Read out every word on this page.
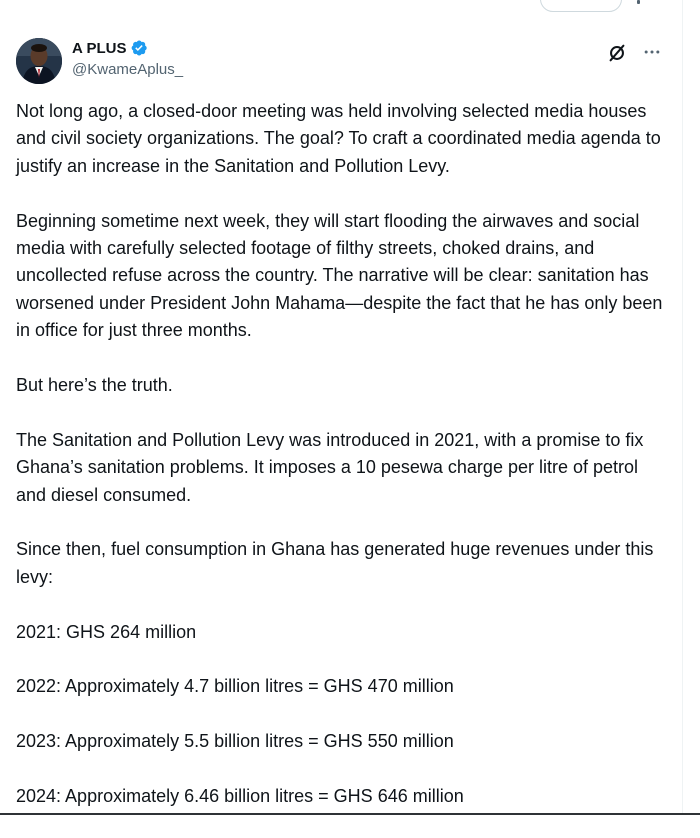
A PLUS
@KwameAplus_

Not long ago, a closed-door meeting was held involving selected media houses and civil society organizations. The goal? To craft a coordinated media agenda to justify an increase in the Sanitation and Pollution Levy.

Beginning sometime next week, they will start flooding the airwaves and social media with carefully selected footage of filthy streets, choked drains, and uncollected refuse across the country. The narrative will be clear: sanitation has worsened under President John Mahama—despite the fact that he has only been in office for just three months.

But here’s the truth.

The Sanitation and Pollution Levy was introduced in 2021, with a promise to fix Ghana’s sanitation problems. It imposes a 10 pesewa charge per litre of petrol and diesel consumed.

Since then, fuel consumption in Ghana has generated huge revenues under this levy:

2021: GHS 264 million

2022: Approximately 4.7 billion litres = GHS 470 million

2023: Approximately 5.5 billion litres = GHS 550 million

2024: Approximately 6.46 billion litres = GHS 646 million
